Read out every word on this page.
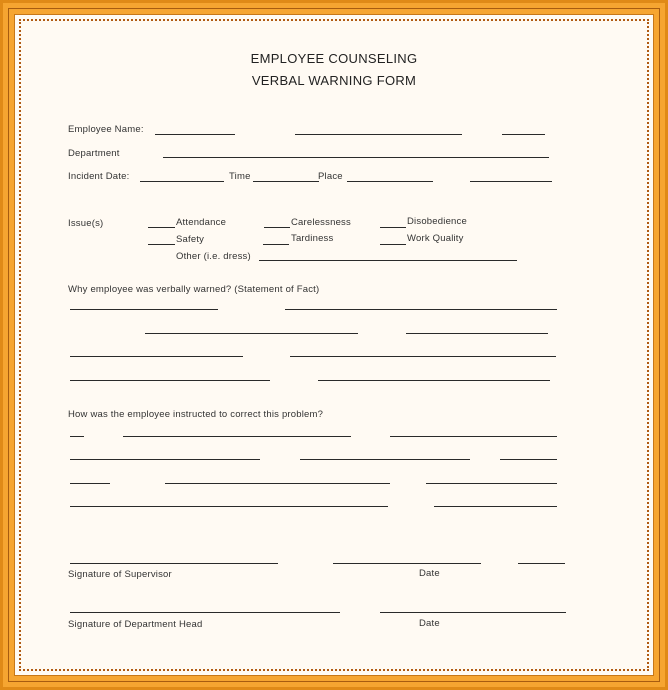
EMPLOYEE COUNSELING
VERBAL WARNING FORM
Employee Name:
Department
Incident Date:	Time	Place
Issue(s)	Attendance	Carelessness	Disobedience
Safety	Tardiness	Work Quality
Other (i.e. dress)
Why employee was verbally warned? (Statement of Fact)
How was the employee instructed to correct this problem?
Signature of Supervisor	Date
Signature of Department Head	Date
